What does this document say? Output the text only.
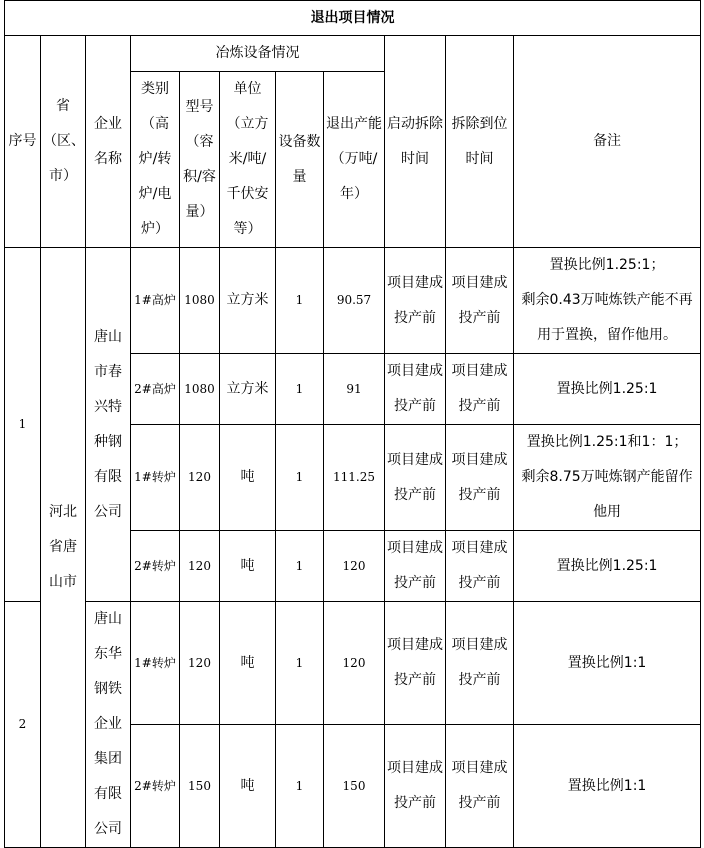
退出项目情况										
序号	省（区、市）	企业名称	冶炼设备情况					启动拆除时间	拆除到位时间	备注
			类别（高炉/转炉/电炉）	型号（容积/容量）	单位（立方米/吨/千伏安等）	设备数量	退出产能（万吨/年）			
1	河北省唐山市	唐山市春兴特种钢有限公司	1#高炉	1080	立方米	1	90.57	项目建成投产前	项目建成投产前	置换比例1.25:1；
剩余0.43万吨炼铁产能不再用于置换，留作他用。

			2#高炉	1080	立方米	1	91	项目建成投产前	项目建成投产前	置换比例1.25:1

			1#转炉	120	吨	1	111.25	项目建成投产前	项目建成投产前	置换比例1.25:1和1：1；
剩余8.75万吨炼钢产能留作他用

			2#转炉	120	吨	1	120	项目建成投产前	项目建成投产前	置换比例1.25:1

2		唐山东华钢铁企业集团有限公司	1#转炉	120	吨	1	120	项目建成投产前	项目建成投产前	置换比例1:1

			2#转炉	150	吨	1	150	项目建成投产前	项目建成投产前	置换比例1:1
